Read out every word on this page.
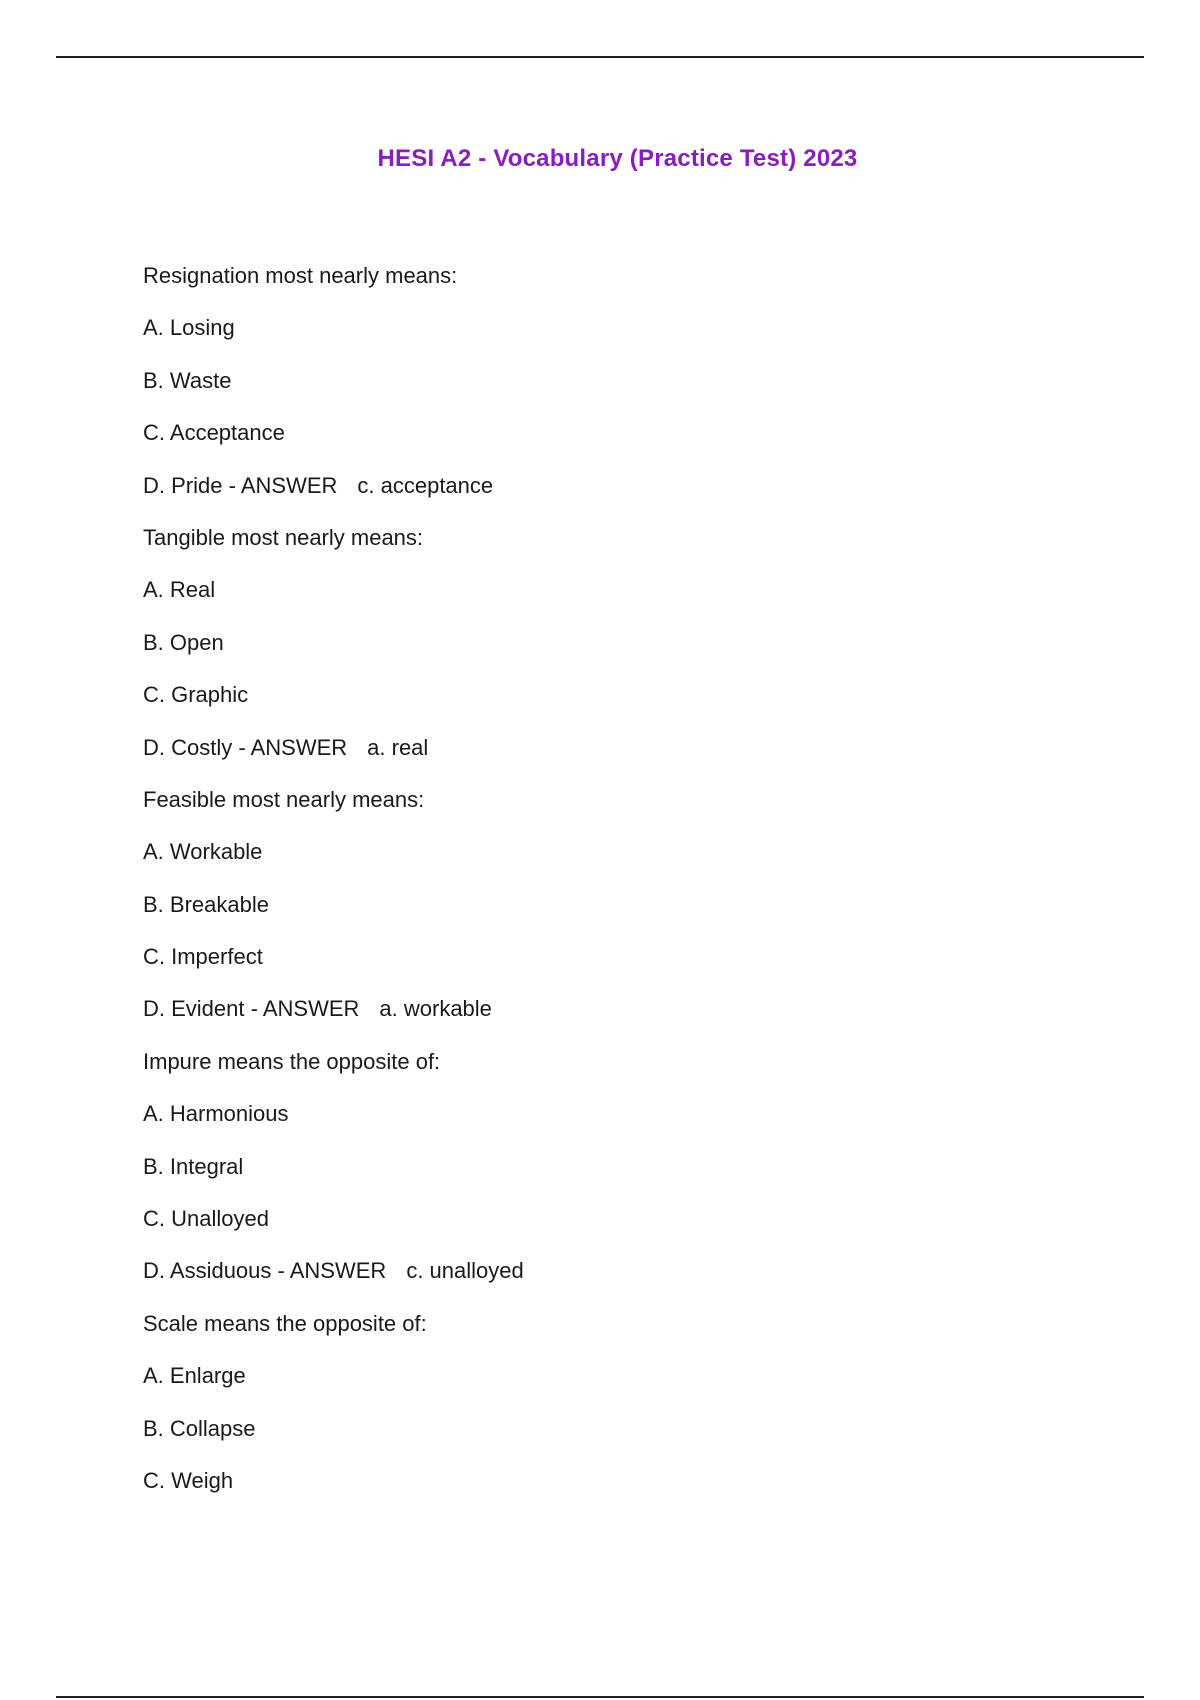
HESI A2 - Vocabulary (Practice Test) 2023
Resignation most nearly means:
A. Losing
B. Waste
C. Acceptance
D. Pride - ANSWER c. acceptance
Tangible most nearly means:
A. Real
B. Open
C. Graphic
D. Costly - ANSWER a. real
Feasible most nearly means:
A. Workable
B. Breakable
C. Imperfect
D. Evident - ANSWER a. workable
Impure means the opposite of:
A. Harmonious
B. Integral
C. Unalloyed
D. Assiduous - ANSWER c. unalloyed
Scale means the opposite of:
A. Enlarge
B. Collapse
C. Weigh
